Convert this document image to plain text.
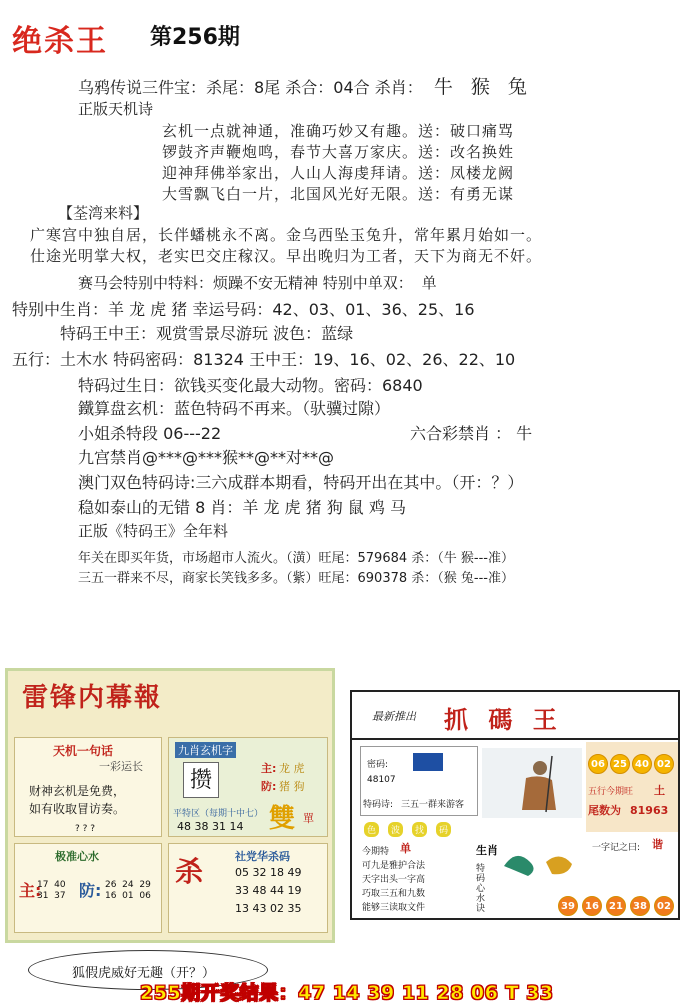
绝杀王 第256期
乌鸦传说三件宝：杀尾：8尾 杀合：04合 杀肖： 牛 猴 兔
正版天机诗
玄机一点就神通，准确巧妙又有趣。送：破口痛骂
锣鼓齐声鞭炮鸣，春节大喜万家庆。送：改名换姓
迎神拜佛举家出，人山人海虔拜请。送：凤楼龙阙
大雪飘飞白一片，北国风光好无限。送：有勇无谋
【荃湾来料】
广寒宫中独自居，长伴蟠桃永不离。金乌西坠玉兔升，常年累月始如一。
仕途光明掌大权，老实巴交庄稼汉。早出晚归为工者，天下为商无不奸。
赛马会特别中特料：烦躁不安无精神 特别中单双： 单
特别中生肖：羊 龙 虎 猪 幸运号码：42、03、01、36、25、16
特码王中王：观赏雪景尽游玩 波色：蓝绿
五行：土木水 特码密码：81324 王中王：19、16、02、26、22、10
特码过生日：欲钱买变化最大动物。密码：6840
鐵算盘玄机：蓝色特码不再来。（驮骥过隙）
小姐杀特段 06---22	六合彩禁肖 ： 牛
九宫禁肖@***@***猴**@**对**@
澳门双色特码诗:三六成群本期看，特码开出在其中。（开：？）
稳如泰山的无错 8 肖：羊 龙 虎 猪 狗 鼠 鸡 马
正版《特码王》全年料
年关在即买年货，市场超市人流火。（潢）旺尾：579684 杀：（牛 猴---准）
三五一群来不尽，商家长笑钱多多。（紫）旺尾：690378 杀：（猴 兔---准）
雷锋内幕報
天机一句话
一彩运长
财神玄机是免费，
如有收取冒访奏。
? ? ?
九肖玄机字
攒
平特区（每期十中七）
48 38 31 14
主: 龙 虎
防: 猪 狗
雙 單
极准心水
主:
17  40
31  37 防: 26  24  29
16  01  06
杀	社党华杀码
05 32 18 49
33 48 44 19
13 43 02 35
最新推出 抓 碼 王
06 25 40 02
密码:
48107
特码诗: 三五一群来游客
五行今期旺 土
尾数为 81963
一字记之曰: 谐
色	波	找	码
今期特 单
可九是雅护合法
天字出头一字高
巧取三五和九数
能够三读取文件
生肖
特码心水诀	39	16	21	38	02
狐假虎威好无趣（开？）
255期开奖结果：47 14 39 11 28 06 T 33
